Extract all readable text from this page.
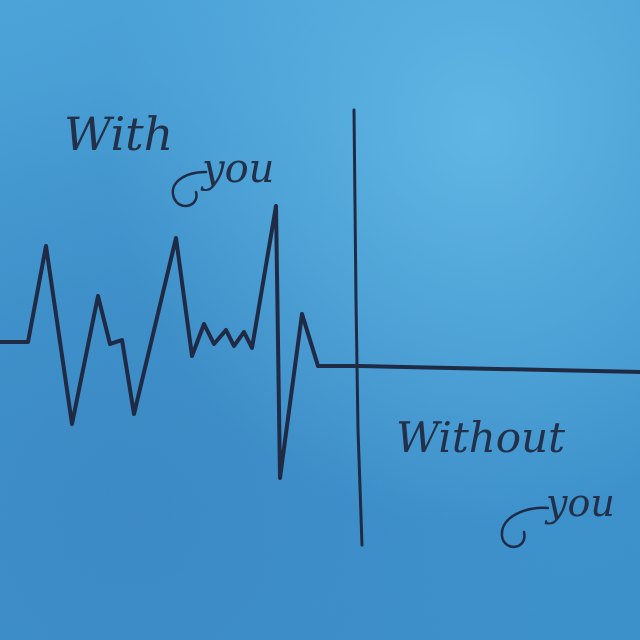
With
you
Without
you
